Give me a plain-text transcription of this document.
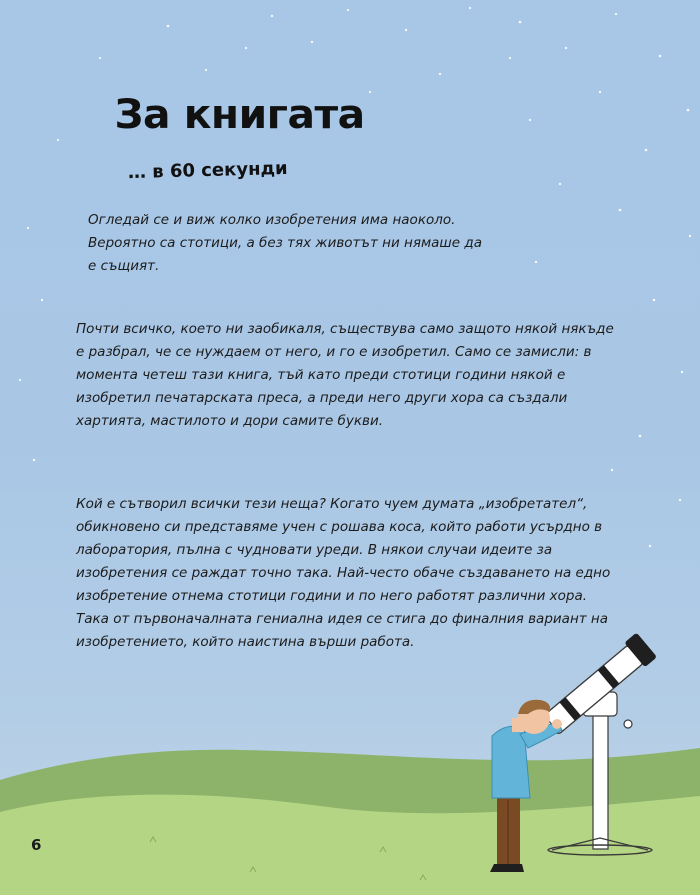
За книгата
… в 60 секунди

Огледай се и виж колко изобретения има наоколо. Вероятно са стотици, а без тях животът ни нямаше да е същият.

Почти всичко, което ни заобикаля, съществува само защото някой някъде е разбрал, че се нуждаем от него, и го е изобретил. Само се замисли: в момента четеш тази книга, тъй като преди стотици години някой е изобретил печатарската преса, а преди него други хора са създали хартията, мастилото и дори самите букви.

Кой е сътворил всички тези неща? Когато чуем думата „изобретател“, обикновено си представяме учен с рошава коса, който работи усърдно в лаборатория, пълна с чудновати уреди. В някои случаи идеите за изобретения се раждат точно така. Най-често обаче създаването на едно изобретение отнема стотици години и по него работят различни хора. Така от първоначалната гениална идея се стига до финалния вариант на изобретението, който наистина върши работа.

6
